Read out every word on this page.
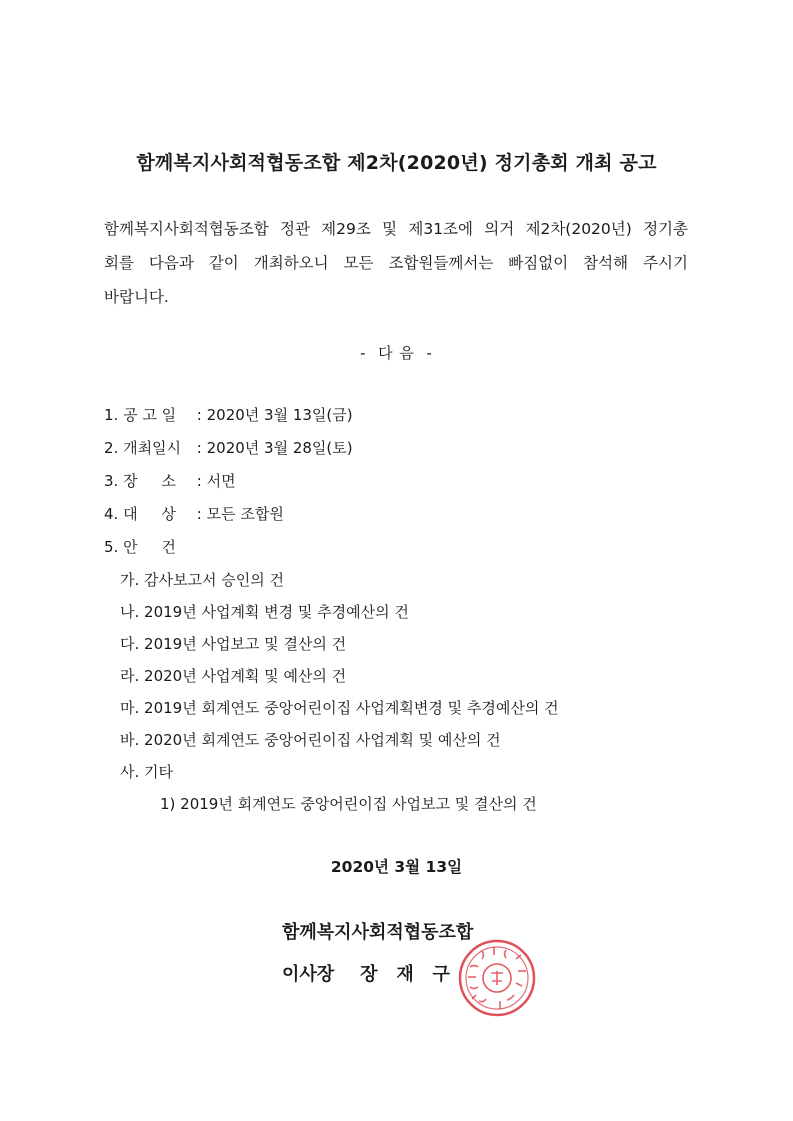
함께복지사회적협동조합 제2차(2020년) 정기총회 개최 공고
함께복지사회적협동조합 정관 제29조 및 제31조에 의거 제2차(2020년) 정기총
회를 다음과 같이 개최하오니 모든 조합원들께서는 빠짐없이 참석해 주시기
바랍니다.
-  다 음  -
1. 공 고 일 : 2020년 3월 13일(금)
2. 개최일시 : 2020년 3월 28일(토)
3. 장     소 : 서면
4. 대     상 : 모든 조합원
5. 안     건
가. 감사보고서 승인의 건
나. 2019년 사업계획 변경 및 추경예산의 건
다. 2019년 사업보고 및 결산의 건
라. 2020년 사업계획 및 예산의 건
마. 2019년 회계연도 중앙어린이집 사업계획변경 및 추경예산의 건
바. 2020년 회계연도 중앙어린이집 사업계획 및 예산의 건
사. 기타
1) 2019년 회계연도 중앙어린이집 사업보고 및 결산의 건
2020년 3월 13일
함께복지사회적협동조합
이사장 장   재   구
